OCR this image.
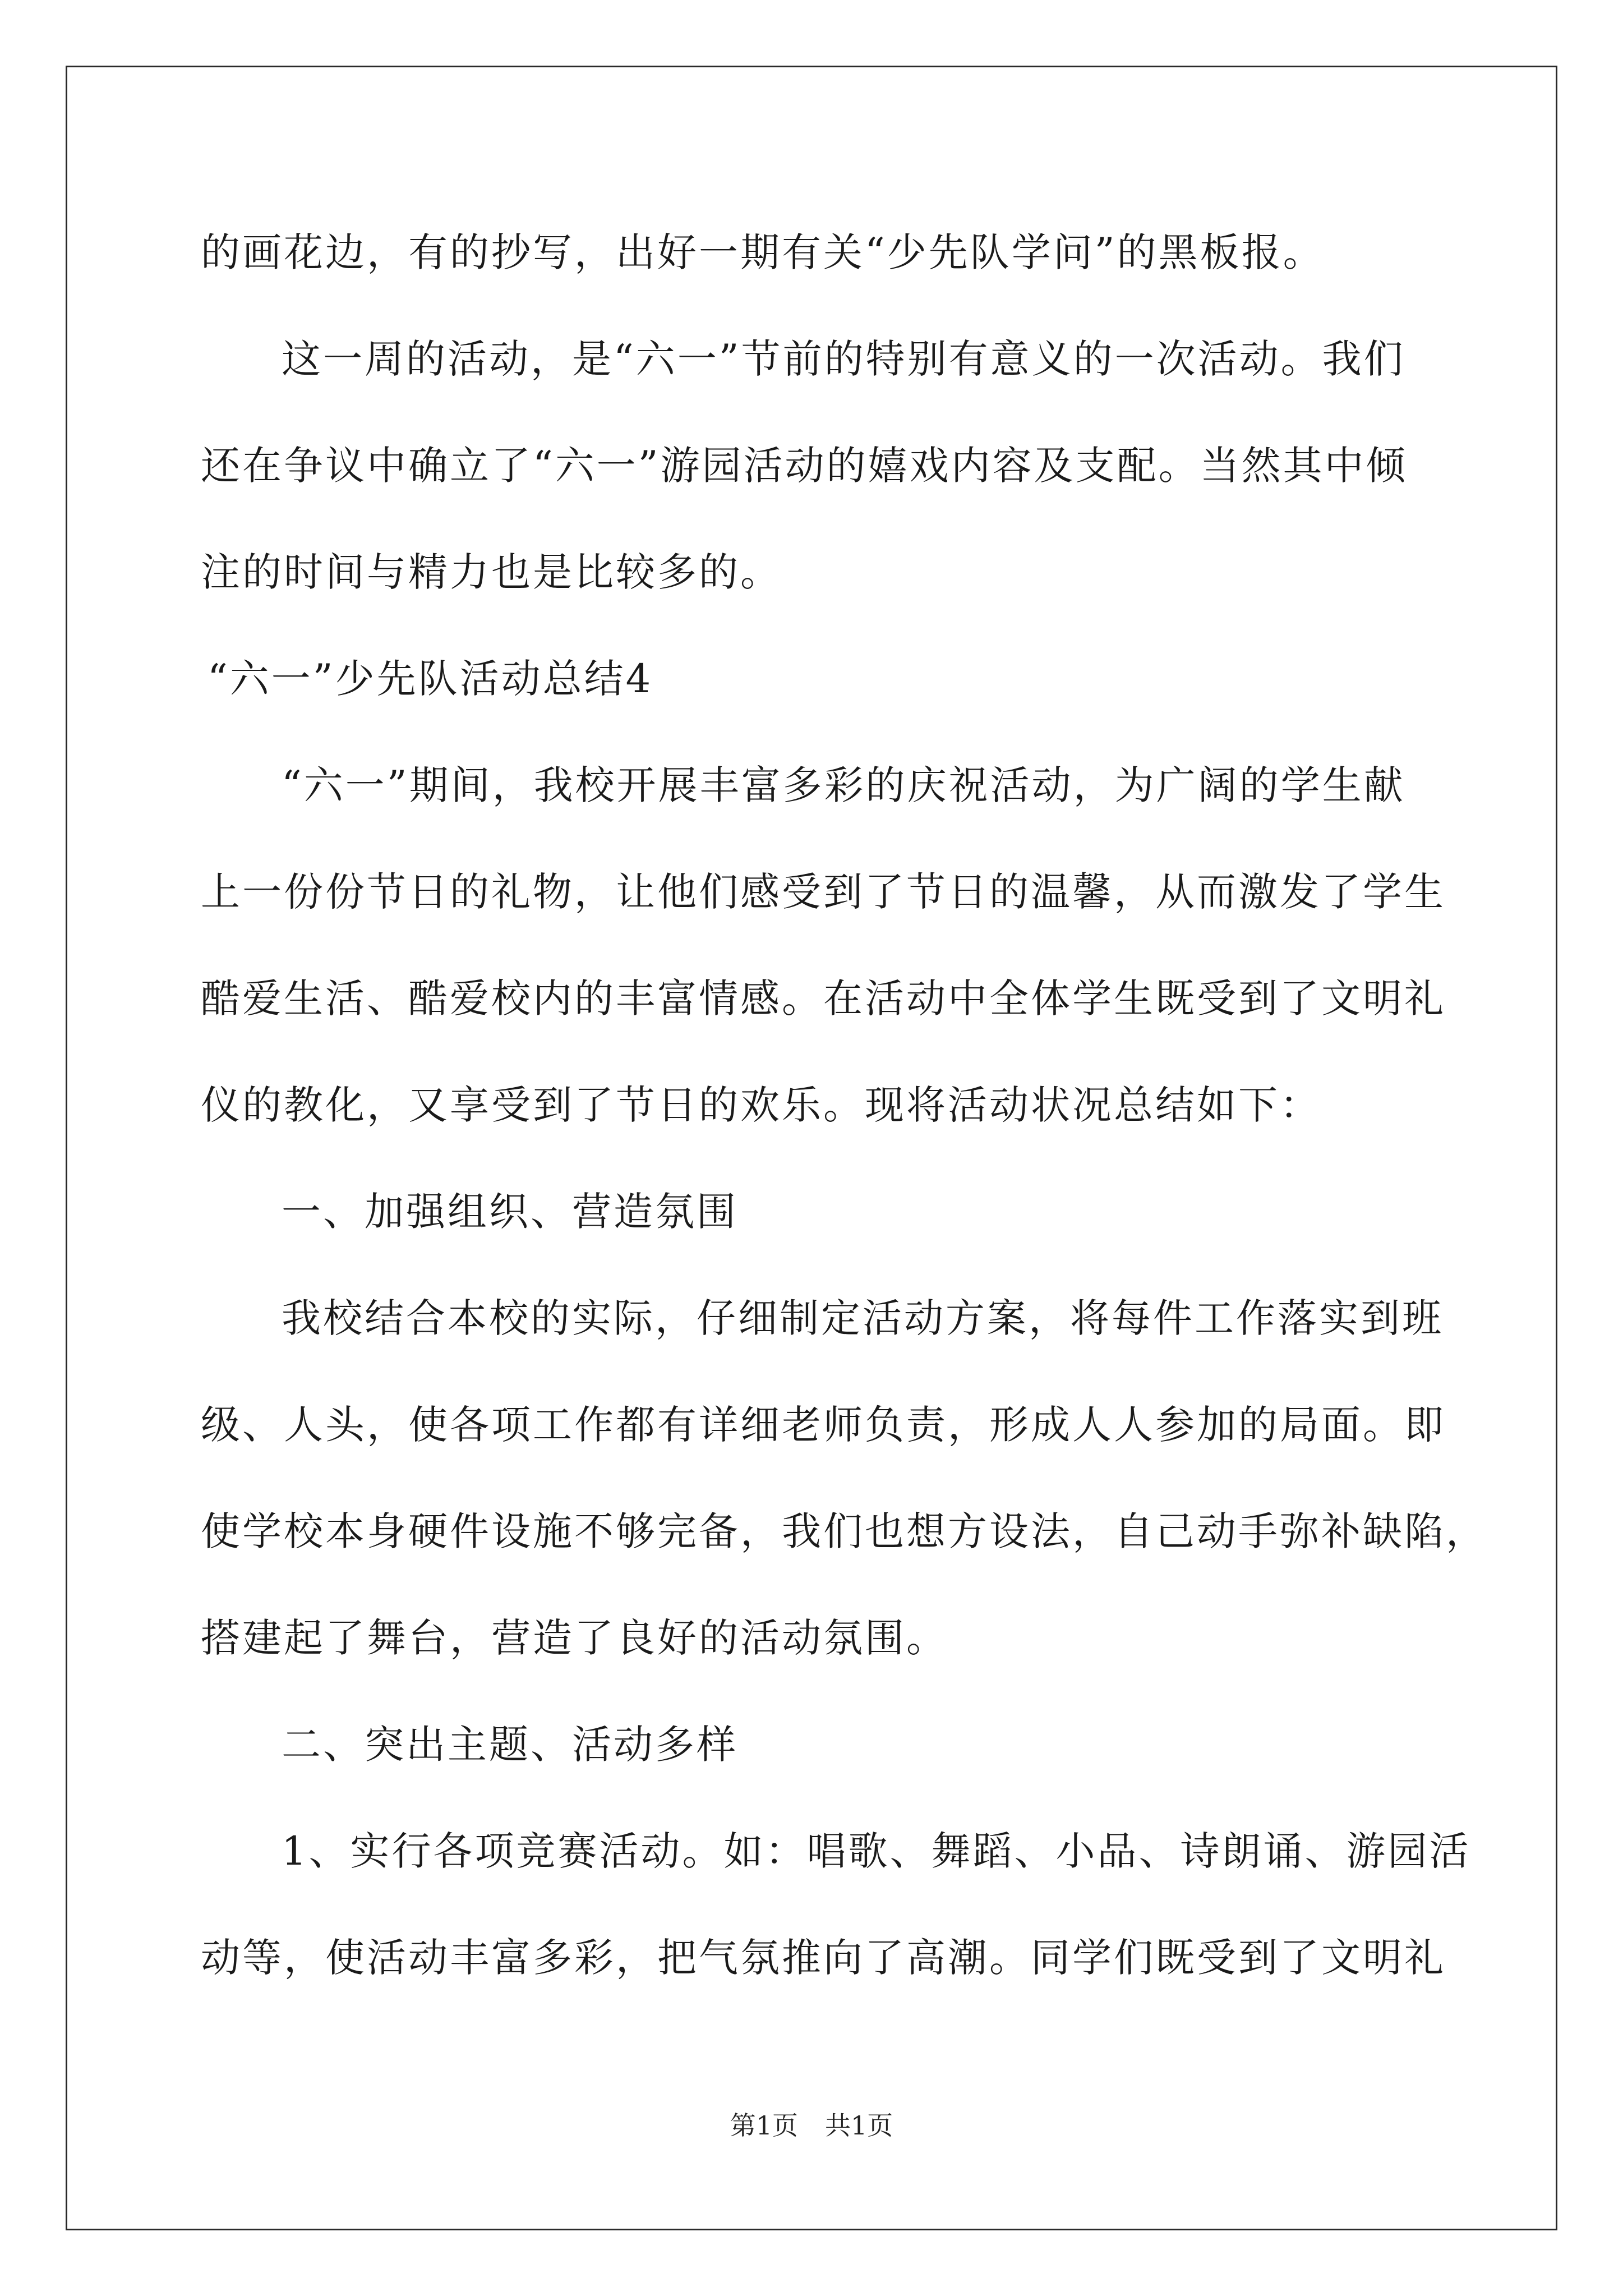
的画花边，有的抄写，出好一期有关“少先队学问”的黑板报。
这一周的活动，是“六一”节前的特别有意义的一次活动。我们
还在争议中确立了“六一”游园活动的嬉戏内容及支配。当然其中倾
注的时间与精力也是比较多的。
“六一”少先队活动总结4
“六一”期间，我校开展丰富多彩的庆祝活动，为广阔的学生献
上一份份节日的礼物，让他们感受到了节日的温馨，从而激发了学生
酷爱生活、酷爱校内的丰富情感。在活动中全体学生既受到了文明礼
仪的教化，又享受到了节日的欢乐。现将活动状况总结如下：
一、加强组织、营造氛围
我校结合本校的实际，仔细制定活动方案，将每件工作落实到班
级、人头，使各项工作都有详细老师负责，形成人人参加的局面。即
使学校本身硬件设施不够完备，我们也想方设法，自己动手弥补缺陷，
搭建起了舞台，营造了良好的活动氛围。
二、突出主题、活动多样
1、实行各项竞赛活动。如：唱歌、舞蹈、小品、诗朗诵、游园活
动等，使活动丰富多彩，把气氛推向了高潮。同学们既受到了文明礼
第1页 共1页
